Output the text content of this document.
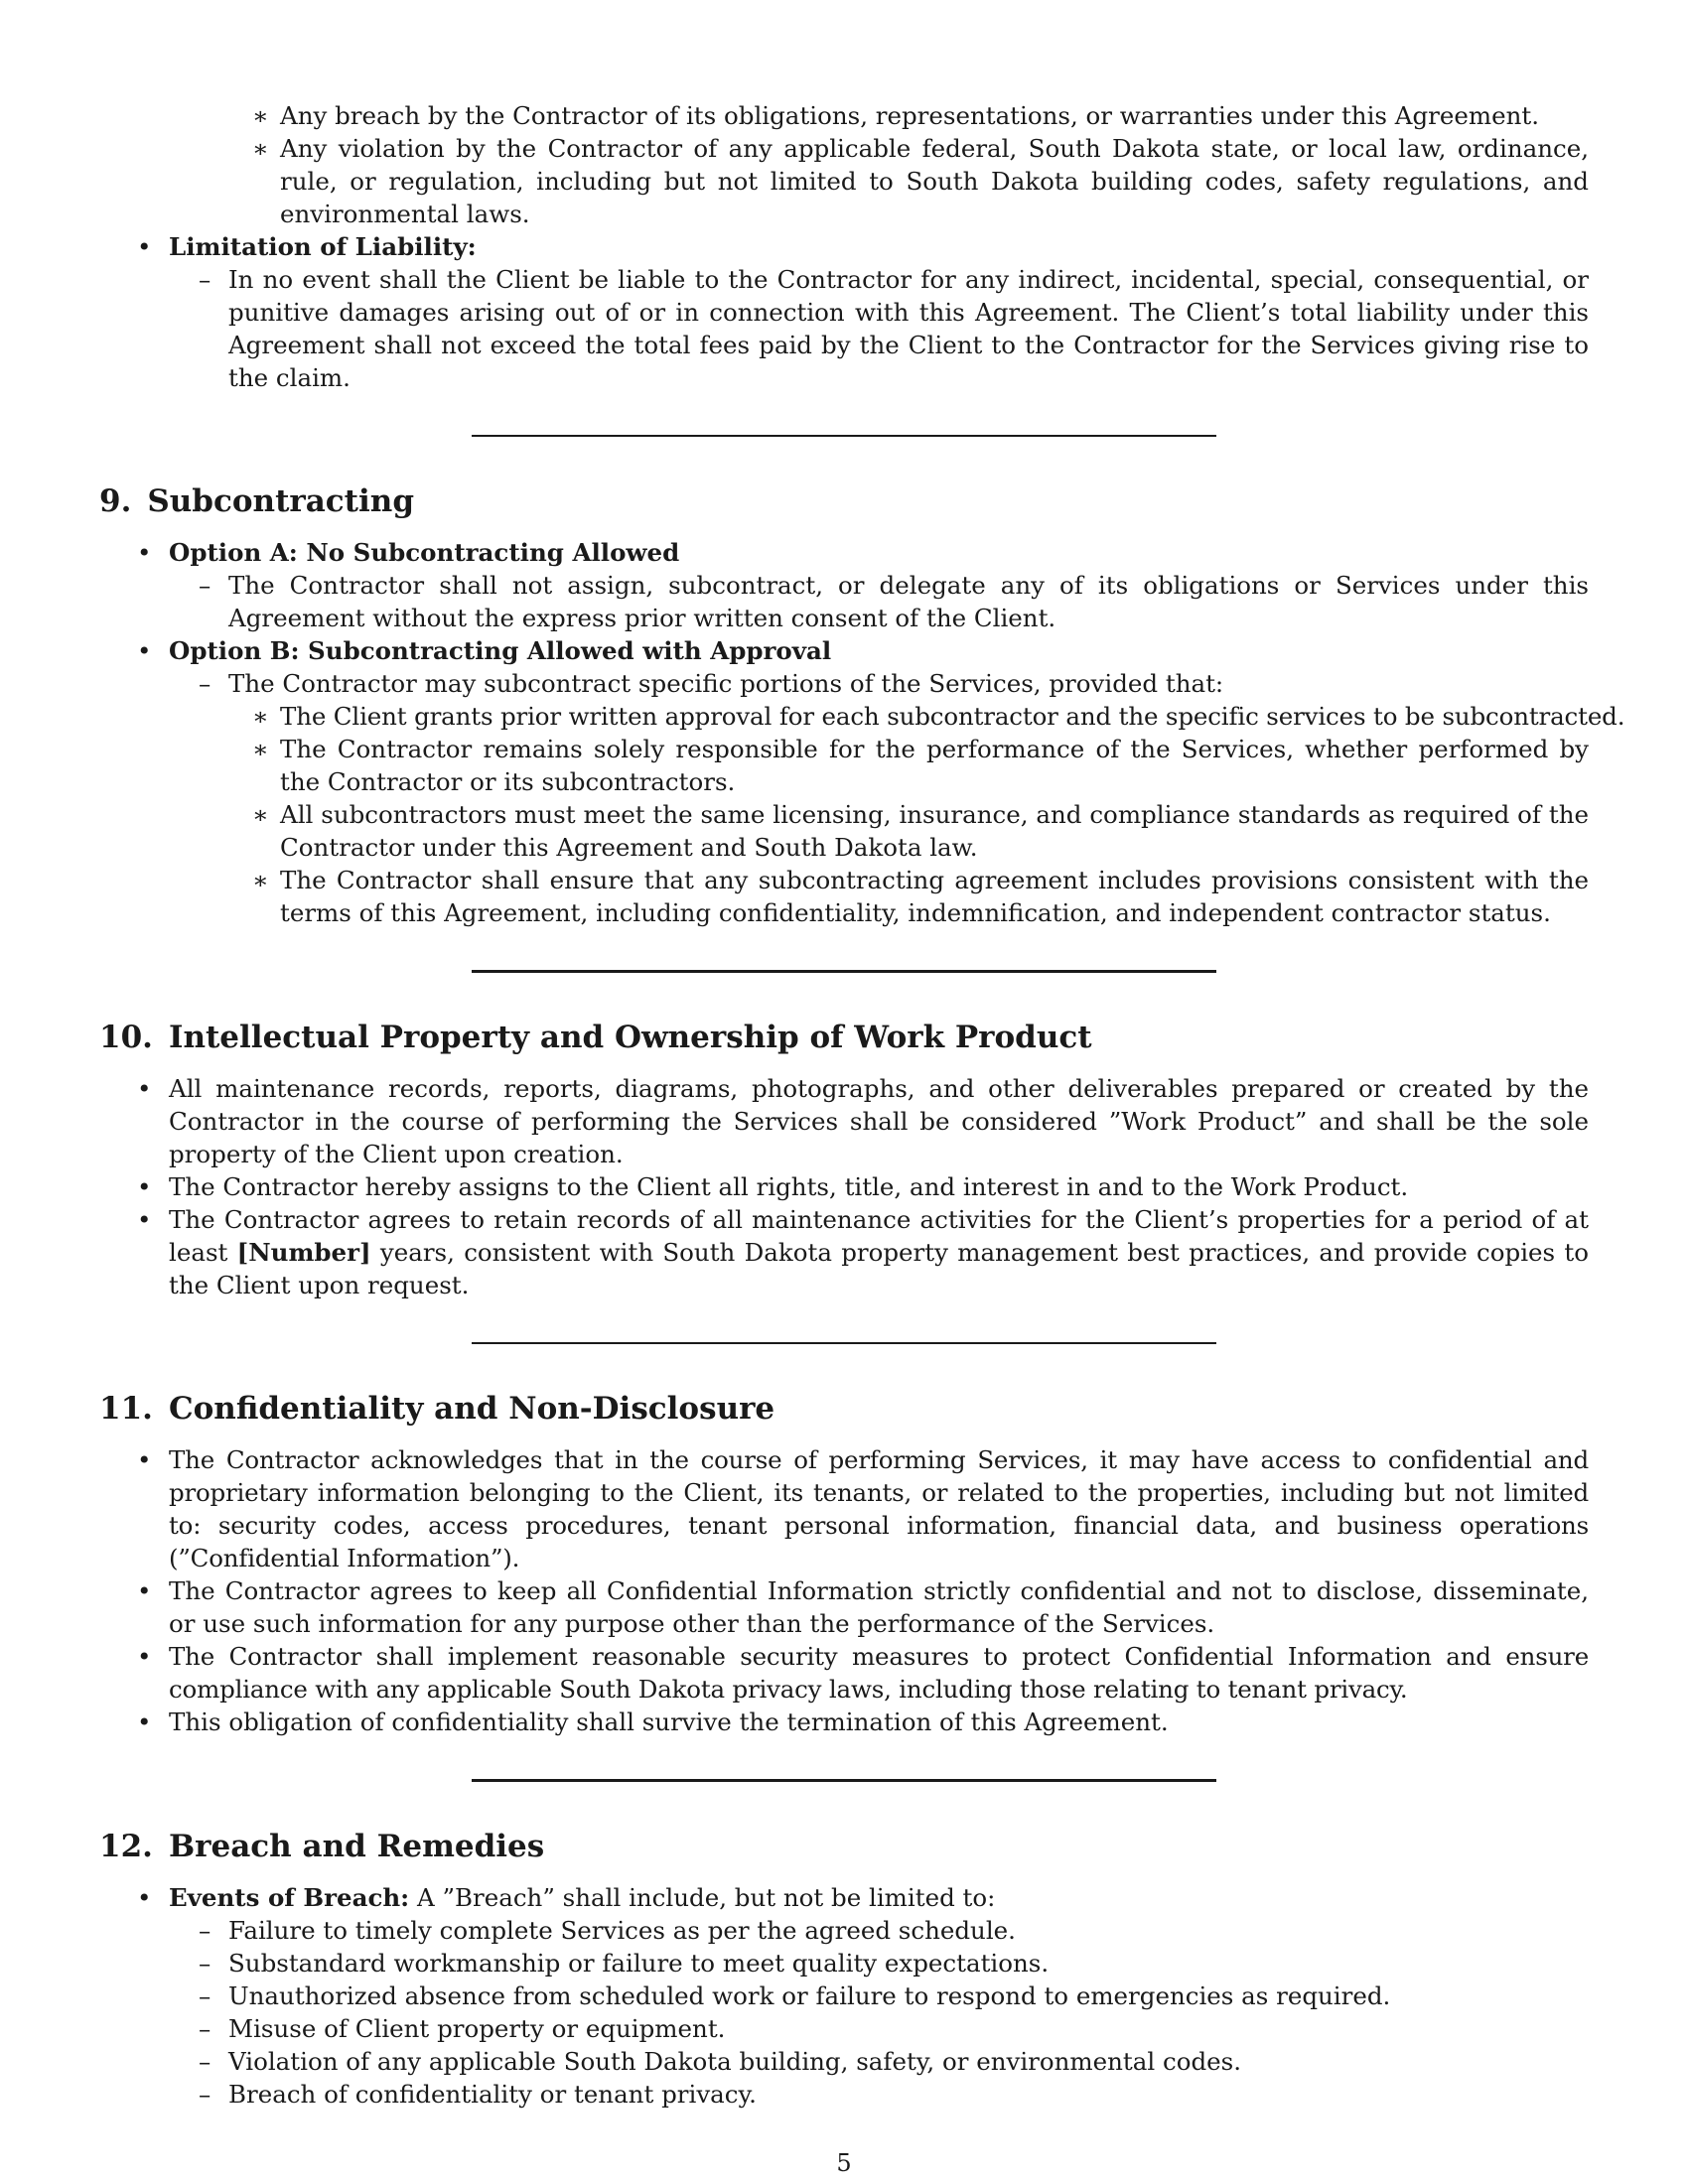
∗ Any breach by the Contractor of its obligations, representations, or warranties under this Agreement.
∗ Any violation by the Contractor of any applicable federal, South Dakota state, or local law, ordinance, rule, or regulation, including but not limited to South Dakota building codes, safety regulations, and environmental laws.
• Limitation of Liability:
– In no event shall the Client be liable to the Contractor for any indirect, incidental, special, consequential, or punitive damages arising out of or in connection with this Agreement. The Client’s total liability under this Agreement shall not exceed the total fees paid by the Client to the Contractor for the Services giving rise to the claim.
9. Subcontracting
• Option A: No Subcontracting Allowed
– The Contractor shall not assign, subcontract, or delegate any of its obligations or Services under this Agreement without the express prior written consent of the Client.
• Option B: Subcontracting Allowed with Approval
– The Contractor may subcontract specific portions of the Services, provided that:
∗ The Client grants prior written approval for each subcontractor and the specific services to be subcontracted.
∗ The Contractor remains solely responsible for the performance of the Services, whether performed by the Contractor or its subcontractors.
∗ All subcontractors must meet the same licensing, insurance, and compliance standards as required of the Contractor under this Agreement and South Dakota law.
∗ The Contractor shall ensure that any subcontracting agreement includes provisions consistent with the terms of this Agreement, including confidentiality, indemnification, and independent contractor status.
10. Intellectual Property and Ownership of Work Product
• All maintenance records, reports, diagrams, photographs, and other deliverables prepared or created by the Contractor in the course of performing the Services shall be considered ”Work Product” and shall be the sole property of the Client upon creation.
• The Contractor hereby assigns to the Client all rights, title, and interest in and to the Work Product.
• The Contractor agrees to retain records of all maintenance activities for the Client’s properties for a period of at least [Number] years, consistent with South Dakota property management best practices, and provide copies to the Client upon request.
11. Confidentiality and Non-Disclosure
• The Contractor acknowledges that in the course of performing Services, it may have access to confidential and proprietary information belonging to the Client, its tenants, or related to the properties, including but not limited to: security codes, access procedures, tenant personal information, financial data, and business operations (”Confidential Information”).
• The Contractor agrees to keep all Confidential Information strictly confidential and not to disclose, disseminate, or use such information for any purpose other than the performance of the Services.
• The Contractor shall implement reasonable security measures to protect Confidential Information and ensure compliance with any applicable South Dakota privacy laws, including those relating to tenant privacy.
• This obligation of confidentiality shall survive the termination of this Agreement.
12. Breach and Remedies
• Events of Breach: A ”Breach” shall include, but not be limited to:
– Failure to timely complete Services as per the agreed schedule.
– Substandard workmanship or failure to meet quality expectations.
– Unauthorized absence from scheduled work or failure to respond to emergencies as required.
– Misuse of Client property or equipment.
– Violation of any applicable South Dakota building, safety, or environmental codes.
– Breach of confidentiality or tenant privacy.
5
